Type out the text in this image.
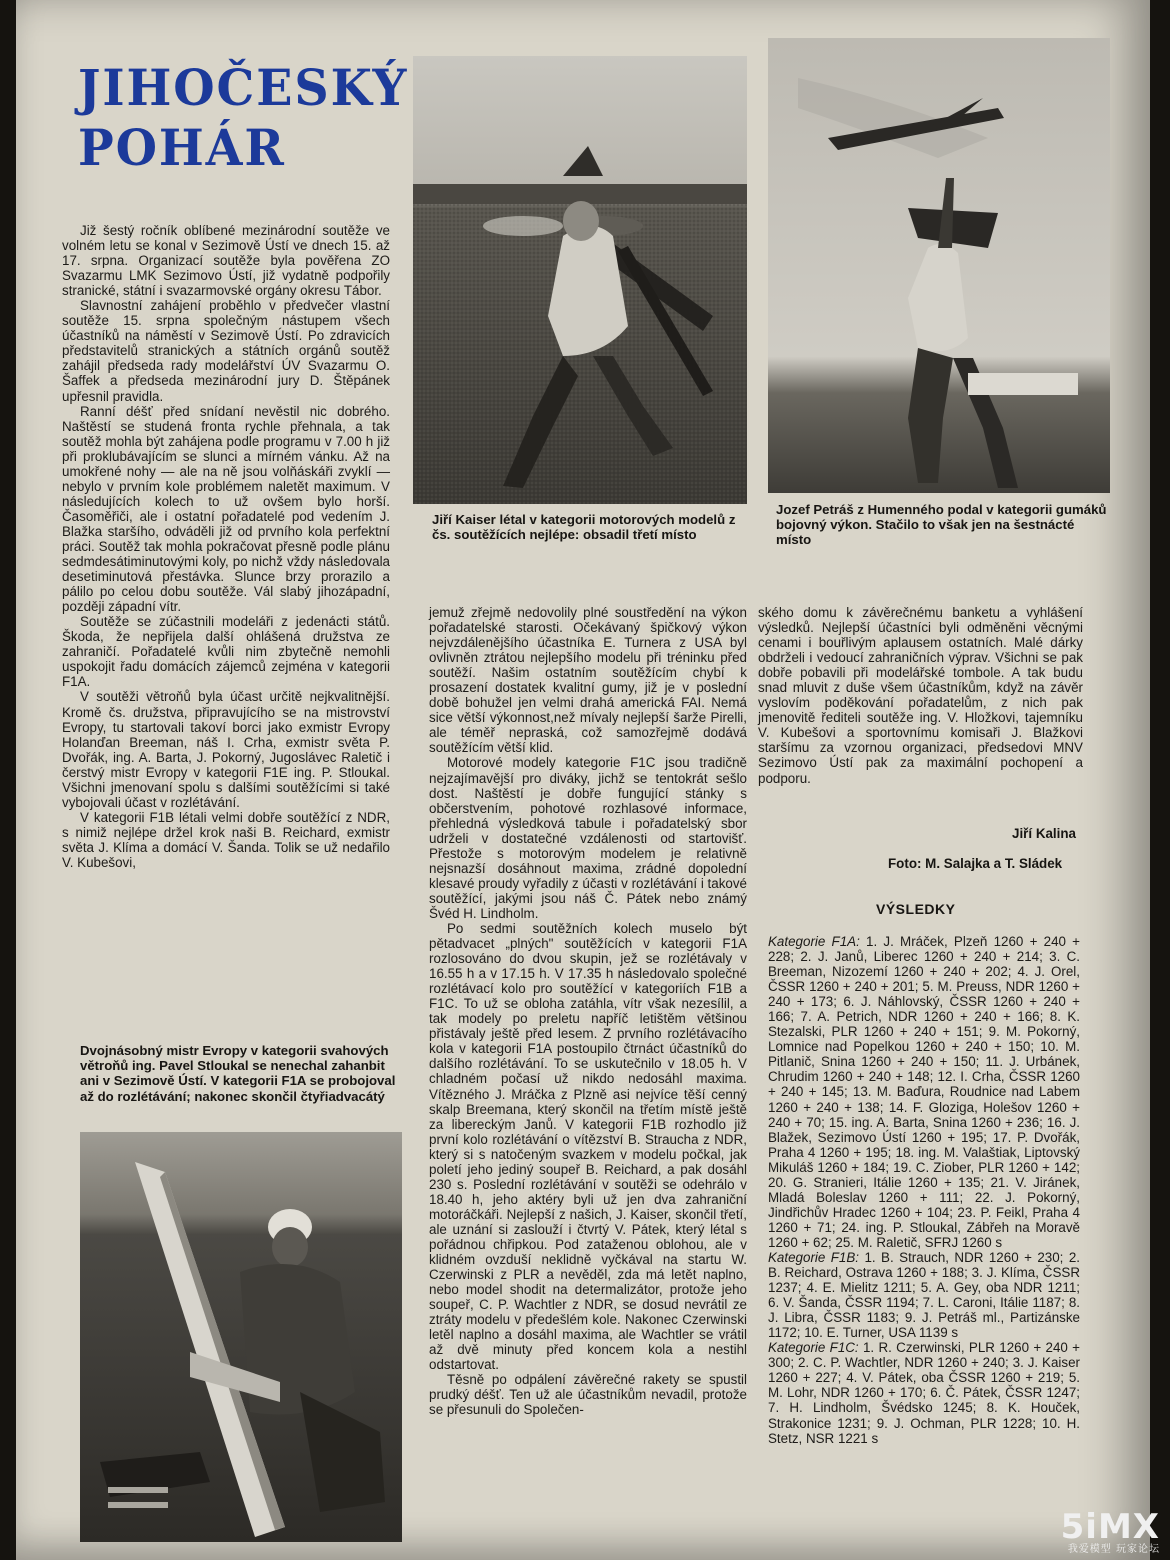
JIHOČESKÝ
POHÁR

Již šestý ročník oblíbené mezinárodní soutěže ve volném letu se konal v Sezimově Ústí ve dnech 15. až 17. srpna. Organizací soutěže byla pověřena ZO Svazarmu LMK Sezimovo Ústí, již vydatně podpořily stranické, státní i svazarmovské orgány okresu Tábor.

Slavnostní zahájení proběhlo v předvečer vlastní soutěže 15. srpna společným nástupem všech účastníků na náměstí v Sezimově Ústí. Po zdravicích představitelů stranických a státních orgánů soutěž zahájil předseda rady modelářství ÚV Svazarmu O. Šaffek a předseda mezinárodní jury D. Štěpánek upřesnil pravidla.

Ranní déšť před snídaní nevěstil nic dobrého. Naštěstí se studená fronta rychle přehnala, a tak soutěž mohla být zahájena podle programu v 7.00 h již při proklubávajícím se slunci a mírném vánku. Až na umokřené nohy — ale na ně jsou volňáskáři zvyklí — nebylo v prvním kole problémem naletět maximum. V následujících kolech to už ovšem bylo horší. Časoměřiči, ale i ostatní pořadatelé pod vedením J. Blažka staršího, odváděli již od prvního kola perfektní práci. Soutěž tak mohla pokračovat přesně podle plánu sedmdesátiminutovými koly, po nichž vždy následovala desetiminutová přestávka. Slunce brzy prorazilo a pálilo po celou dobu soutěže. Vál slabý jihozápadní, později západní vítr.

Soutěže se zúčastnili modeláři z jedenácti států. Škoda, že nepřijela další ohlášená družstva ze zahraničí. Pořadatelé kvůli nim zbytečně nemohli uspokojit řadu domácích zájemců zejména v kategorii F1A.

V soutěži větroňů byla účast určitě nejkvalitnější. Kromě čs. družstva, připravujícího se na mistrovství Evropy, tu startovali takoví borci jako exmistr Evropy Holanďan Breeman, náš I. Crha, exmistr světa P. Dvořák, ing. A. Barta, J. Pokorný, Jugoslávec Raletič i čerstvý mistr Evropy v kategorii F1E ing. P. Stloukal. Všichni jmenovaní spolu s dalšími soutěžícími si také vybojovali účast v rozlétávání.

V kategorii F1B létali velmi dobře soutěžící z NDR, s nimiž nejlépe držel krok naši B. Reichard, exmistr světa J. Klíma a domácí V. Šanda. Tolik se už nedařilo V. Kubešovi,

Jiří Kaiser létal v kategorii motorových modelů z čs. soutěžících nejlépe: obsadil třetí místo
Jozef Petráš z Humenného podal v kategorii gumáků bojovný výkon. Stačilo to však jen na šestnácté místo
Dvojnásobný mistr Evropy v kategorii svahových větroňů ing. Pavel Stloukal se nenechal zahanbit ani v Sezimově Ústí. V kategorii F1A se probojoval až do rozlétávání; nakonec skončil čtyřiadvacátý

jemuž zřejmě nedovolily plné soustředění na výkon pořadatelské starosti. Očekávaný špičkový výkon nejvzdálenějšího účastníka E. Turnera z USA byl ovlivněn ztrátou nejlepšího modelu při tréninku před soutěží. Našim ostatním soutěžícím chybí k prosazení dostatek kvalitní gumy, již je v poslední době bohužel jen velmi drahá americká FAI. Nemá sice větší výkonnost,než mívaly nejlepší šarže Pirelli, ale téměř nepraská, což samozřejmě dodává soutěžícím větší klid.

Motorové modely kategorie F1C jsou tradičně nejzajímavější pro diváky, jichž se tentokrát sešlo dost. Naštěstí je dobře fungující stánky s občerstvením, pohotové rozhlasové informace, přehledná výsledková tabule i pořadatelský sbor udrželi v dostatečné vzdálenosti od startovišť. Přestože s motorovým modelem je relativně nejsnazší dosáhnout maxima, zrádné dopolední klesavé proudy vyřadily z účasti v rozlétávání i takové soutěžící, jakými jsou náš Č. Pátek nebo známý Švéd H. Lindholm.

Po sedmi soutěžních kolech muselo být pětadvacet „plných" soutěžících v kategorii F1A rozlosováno do dvou skupin, jež se rozlétávaly v 16.55 h a v 17.15 h. V 17.35 h následovalo společné rozlétávací kolo pro soutěžící v kategoriích F1B a F1C. To už se obloha zatáhla, vítr však nezesílil, a tak modely po preletu napříč letištěm většinou přistávaly ještě před lesem. Z prvního rozlétávacího kola v kategorii F1A postoupilo čtrnáct účastníků do dalšího rozlétávání. To se uskutečnilo v 18.05 h. V chladném počasí už nikdo nedosáhl maxima. Vítězného J. Mráčka z Plzně asi nejvíce těší cenný skalp Breemana, který skončil na třetím místě ještě za libereckým Janů. V kategorii F1B rozhodlo již první kolo rozlétávání o vítězství B. Straucha z NDR, který si s natočeným svazkem v modelu počkal, jak poletí jeho jediný soupeř B. Reichard, a pak dosáhl 230 s. Poslední rozlétávání v soutěži se odehrálo v 18.40 h, jeho aktéry byli už jen dva zahraniční motoráčkáři. Nejlepší z našich, J. Kaiser, skončil třetí, ale uznání si zaslouží i čtvrtý V. Pátek, který létal s pořádnou chřipkou. Pod zataženou oblohou, ale v klidném ovzduší neklidně vyčkával na startu W. Czerwinski z PLR a nevěděl, zda má letět naplno, nebo model shodit na determalizátor, protože jeho soupeř, C. P. Wachtler z NDR, se dosud nevrátil ze ztráty modelu v předešlém kole. Nakonec Czerwinski letěl naplno a dosáhl maxima, ale Wachtler se vrátil až dvě minuty před koncem kola a nestihl odstartovat.

Těsně po odpálení závěrečné rakety se spustil prudký déšť. Ten už ale účastníkům nevadil, protože se přesunuli do Společen-

ského domu k závěrečnému banketu a vyhlášení výsledků. Nejlepší účastníci byli odměněni věcnými cenami i bouřlivým aplausem ostatních. Malé dárky obdrželi i vedoucí zahraničních výprav. Všichni se pak dobře pobavili při modelářské tombole. A tak budu snad mluvit z duše všem účastníkům, když na závěr vyslovím poděkování pořadatelům, z nich pak jmenovitě řediteli soutěže ing. V. Hložkovi, tajemníku V. Kubešovi a sportovnímu komisaři J. Blažkovi staršímu za vzornou organizaci, předsedovi MNV Sezimovo Ústí pak za maximální pochopení a podporu.

Jiří Kalina
Foto: M. Salajka a T. Sládek
VÝSLEDKY

Kategorie F1A: 1. J. Mráček, Plzeň 1260 + 240 + 228; 2. J. Janů, Liberec 1260 + 240 + 214; 3. C. Breeman, Nizozemí 1260 + 240 + 202; 4. J. Orel, ČSSR 1260 + 240 + 201; 5. M. Preuss, NDR 1260 + 240 + 173; 6. J. Náhlovský, ČSSR 1260 + 240 + 166; 7. A. Petrich, NDR 1260 + 240 + 166; 8. K. Stezalski, PLR 1260 + 240 + 151; 9. M. Pokorný, Lomnice nad Popelkou 1260 + 240 + 150; 10. M. Pitlanič, Snina 1260 + 240 + 150; 11. J. Urbánek, Chrudim 1260 + 240 + 148; 12. I. Crha, ČSSR 1260 + 240 + 145; 13. M. Baďura, Roudnice nad Labem 1260 + 240 + 138; 14. F. Gloziga, Holešov 1260 + 240 + 70; 15. ing. A. Barta, Snina 1260 + 236; 16. J. Blažek, Sezimovo Ústí 1260 + 195; 17. P. Dvořák, Praha 4 1260 + 195; 18. ing. M. Valaštiak, Liptovský Mikuláš 1260 + 184; 19. C. Ziober, PLR 1260 + 142; 20. G. Stranieri, Itálie 1260 + 135; 21. V. Jiránek, Mladá Boleslav 1260 + 111; 22. J. Pokorný, Jindřichův Hradec 1260 + 104; 23. P. Feikl, Praha 4 1260 + 71; 24. ing. P. Stloukal, Zábřeh na Moravě 1260 + 62; 25. M. Raletič, SFRJ 1260 s

Kategorie F1B: 1. B. Strauch, NDR 1260 + 230; 2. B. Reichard, Ostrava 1260 + 188; 3. J. Klíma, ČSSR 1237; 4. E. Mielitz 1211; 5. A. Gey, oba NDR 1211; 6. V. Šanda, ČSSR 1194; 7. L. Caroni, Itálie 1187; 8. J. Libra, ČSSR 1183; 9. J. Petráš ml., Partizánske 1172; 10. E. Turner, USA 1139 s

Kategorie F1C: 1. R. Czerwinski, PLR 1260 + 240 + 300; 2. C. P. Wachtler, NDR 1260 + 240; 3. J. Kaiser 1260 + 227; 4. V. Pátek, oba ČSSR 1260 + 219; 5. M. Lohr, NDR 1260 + 170; 6. Č. Pátek, ČSSR 1247; 7. H. Lindholm, Švédsko 1245; 8. K. Houček, Strakonice 1231; 9. J. Ochman, PLR 1228; 10. H. Stetz, NSR 1221 s

5iMX
我爱模型 玩家论坛
